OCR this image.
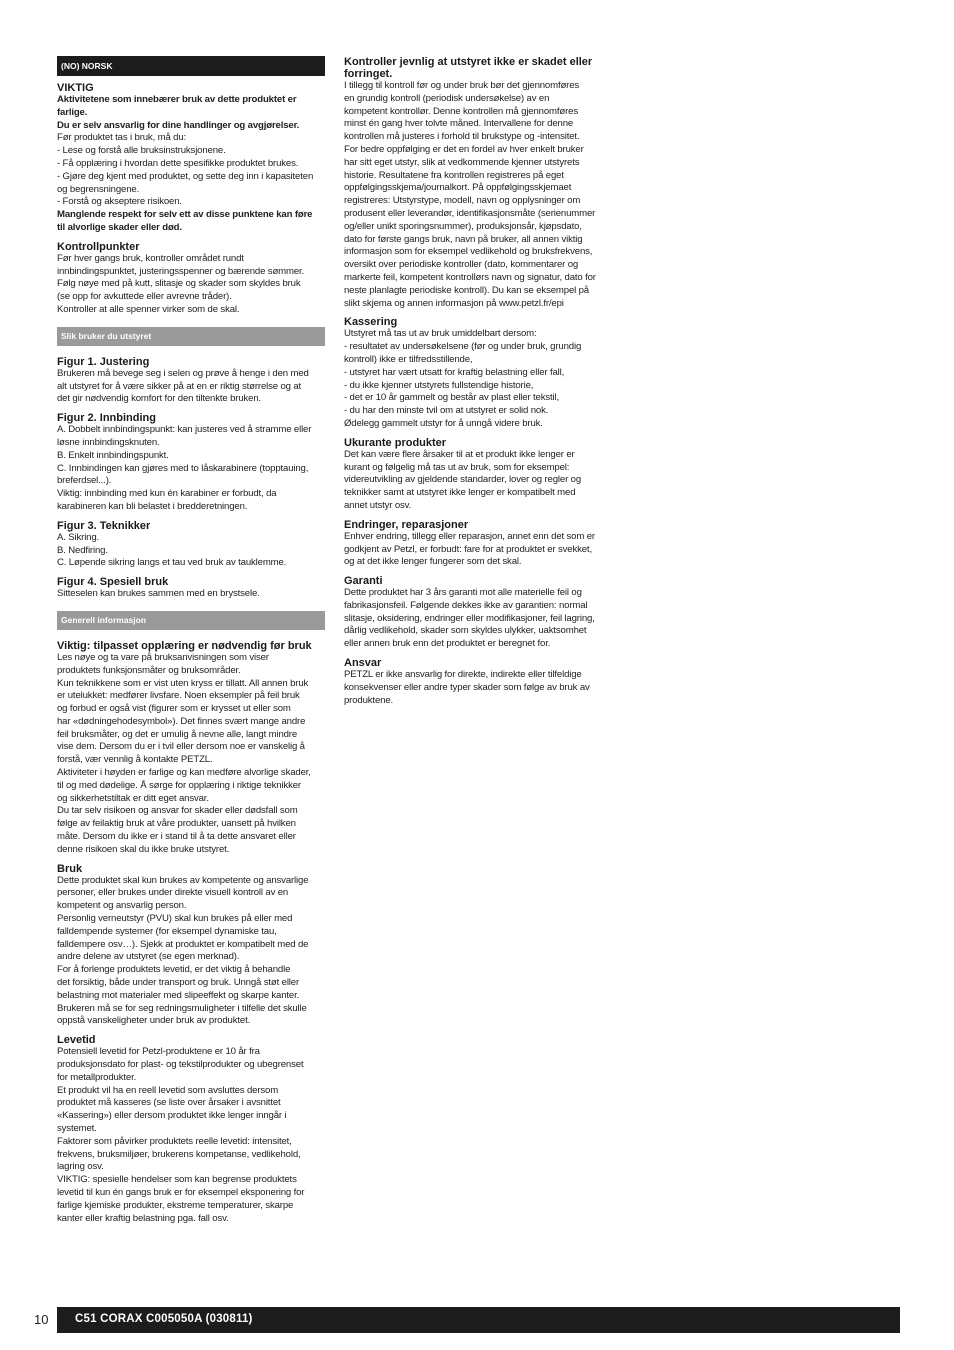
(NO) NORSK
VIKTIG
Aktivitetene som innebærer bruk av dette produktet er
farlige.
Du er selv ansvarlig for dine handlinger og avgjørelser.
Før produktet tas i bruk, må du:
- Lese og forstå alle bruksinstruksjonene.
- Få opplæring i hvordan dette spesifikke produktet brukes.
- Gjøre deg kjent med produktet, og sette deg inn i kapasiteten
og begrensningene.
- Forstå og akseptere risikoen.
Manglende respekt for selv ett av disse punktene kan føre
til alvorlige skader eller død.
Kontrollpunkter
Før hver gangs bruk, kontroller området rundt
innbindingspunktet, justeringsspenner og bærende sømmer.
Følg nøye med på kutt, slitasje og skader som skyldes bruk
(se opp for avkuttede eller avrevne tråder).
Kontroller at alle spenner virker som de skal.
Slik bruker du utstyret
Figur 1. Justering
Brukeren må bevege seg i selen og prøve å henge i den med
alt utstyret for å være sikker på at en er riktig størrelse og at
det gir nødvendig komfort for den tiltenkte bruken.
Figur 2. Innbinding
A. Dobbelt innbindingspunkt: kan justeres ved å stramme eller
løsne innbindingsknuten.
B. Enkelt innbindingspunkt.
C. Innbindingen kan gjøres med to låskarabinere (topptauing,
breferdsel...).
Viktig: innbinding med kun én karabiner er forbudt, da
karabineren kan bli belastet i bredderetningen.
Figur 3. Teknikker
A. Sikring.
B. Nedfiring.
C. Løpende sikring langs et tau ved bruk av tauklemme.
Figur 4. Spesiell bruk
Sitteselen kan brukes sammen med en brystsele.
Generell informasjon
Viktig: tilpasset opplæring er nødvendig før bruk
Les nøye og ta vare på bruksanvisningen som viser
produktets funksjonsmåter og bruksområder.
Kun teknikkene som er vist uten kryss er tillatt. All annen bruk
er utelukket: medfører livsfare. Noen eksempler på feil bruk
og forbud er også vist (figurer som er krysset ut eller som
har «dødningehodesymbol»). Det finnes svært mange andre
feil bruksmåter, og det er umulig å nevne alle, langt mindre
vise dem. Dersom du er i tvil eller dersom noe er vanskelig å
forstå, vær vennlig å kontakte PETZL.
Aktiviteter i høyden er farlige og kan medføre alvorlige skader,
til og med dødelige. Å sørge for opplæring i riktige teknikker
og sikkerhetstiltak er ditt eget ansvar.
Du tar selv risikoen og ansvar for skader eller dødsfall som
følge av feilaktig bruk at våre produkter, uansett på hvilken
måte. Dersom du ikke er i stand til å ta dette ansvaret eller
denne risikoen skal du ikke bruke utstyret.
Bruk
Dette produktet skal kun brukes av kompetente og ansvarlige
personer, eller brukes under direkte visuell kontroll av en
kompetent og ansvarlig person.
Personlig verneutstyr (PVU) skal kun brukes på eller med
falldempende systemer (for eksempel dynamiske tau,
falldempere osv…). Sjekk at produktet er kompatibelt med de
andre delene av utstyret (se egen merknad).
For å forlenge produktets levetid, er det viktig å behandle
det forsiktig, både under transport og bruk. Unngå støt eller
belastning mot materialer med slipeeffekt og skarpe kanter.
Brukeren må se for seg redningsmuligheter i tilfelle det skulle
oppstå vanskeligheter under bruk av produktet.
Levetid
Potensiell levetid for Petzl-produktene er 10 år fra
produksjonsdato for plast- og tekstilprodukter og ubegrenset
for metallprodukter.
Et produkt vil ha en reell levetid som avsluttes dersom
produktet må kasseres (se liste over årsaker i avsnittet
«Kassering») eller dersom produktet ikke lenger inngår i
systemet.
Faktorer som påvirker produktets reelle levetid: intensitet,
frekvens, bruksmiljøer, brukerens kompetanse, vedlikehold,
lagring osv.
VIKTIG: spesielle hendelser som kan begrense produktets
levetid til kun én gangs bruk er for eksempel eksponering for
farlige kjemiske produkter, ekstreme temperaturer, skarpe
kanter eller kraftig belastning pga. fall osv.
Kontroller jevnlig at utstyret ikke er skadet eller
forringet.
I tillegg til kontroll før og under bruk bør det gjennomføres
en grundig kontroll (periodisk undersøkelse) av en
kompetent kontrollør. Denne kontrollen må gjennomføres
minst én gang hver tolvte måned. Intervallene for denne
kontrollen må justeres i forhold til brukstype og -intensitet.
For bedre oppfølging er det en fordel av hver enkelt bruker
har sitt eget utstyr, slik at vedkommende kjenner utstyrets
historie. Resultatene fra kontrollen registreres på eget
oppfølgingsskjema/journalkort. På oppfølgingsskjemaet
registreres: Utstyrstype, modell, navn og opplysninger om
produsent eller leverandør, identifikasjonsmåte (serienummer
og/eller unikt sporingsnummer), produksjonsår, kjøpsdato,
dato for første gangs bruk, navn på bruker, all annen viktig
informasjon som for eksempel vedlikehold og bruksfrekvens,
oversikt over periodiske kontroller (dato, kommentarer og
markerte feil, kompetent kontrollørs navn og signatur, dato for
neste planlagte periodiske kontroll). Du kan se eksempel på
slikt skjema og annen informasjon på www.petzl.fr/epi
Kassering
Utstyret må tas ut av bruk umiddelbart dersom:
- resultatet av undersøkelsene (før og under bruk, grundig
kontroll) ikke er tilfredsstillende,
- utstyret har vært utsatt for kraftig belastning eller fall,
- du ikke kjenner utstyrets fullstendige historie,
- det er 10 år gammelt og består av plast eller tekstil,
- du har den minste tvil om at utstyret er solid nok.
Ødelegg gammelt utstyr for å unngå videre bruk.
Ukurante produkter
Det kan være flere årsaker til at et produkt ikke lenger er
kurant og følgelig må tas ut av bruk, som for eksempel:
videreutvikling av gjeldende standarder, lover og regler og
teknikker samt at utstyret ikke lenger er kompatibelt med
annet utstyr osv.
Endringer, reparasjoner
Enhver endring, tillegg eller reparasjon, annet enn det som er
godkjent av Petzl, er forbudt: fare for at produktet er svekket,
og at det ikke lenger fungerer som det skal.
Garanti
Dette produktet har 3 års garanti mot alle materielle feil og
fabrikasjonsfeil. Følgende dekkes ikke av garantien: normal
slitasje, oksidering, endringer eller modifikasjoner, feil lagring,
dårlig vedlikehold, skader som skyldes ulykker, uaktsomhet
eller annen bruk enn det produktet er beregnet for.
Ansvar
PETZL er ikke ansvarlig for direkte, indirekte eller tilfeldige
konsekvenser eller andre typer skader som følge av bruk av
produktene.
10 C51 CORAX C005050A (030811)
